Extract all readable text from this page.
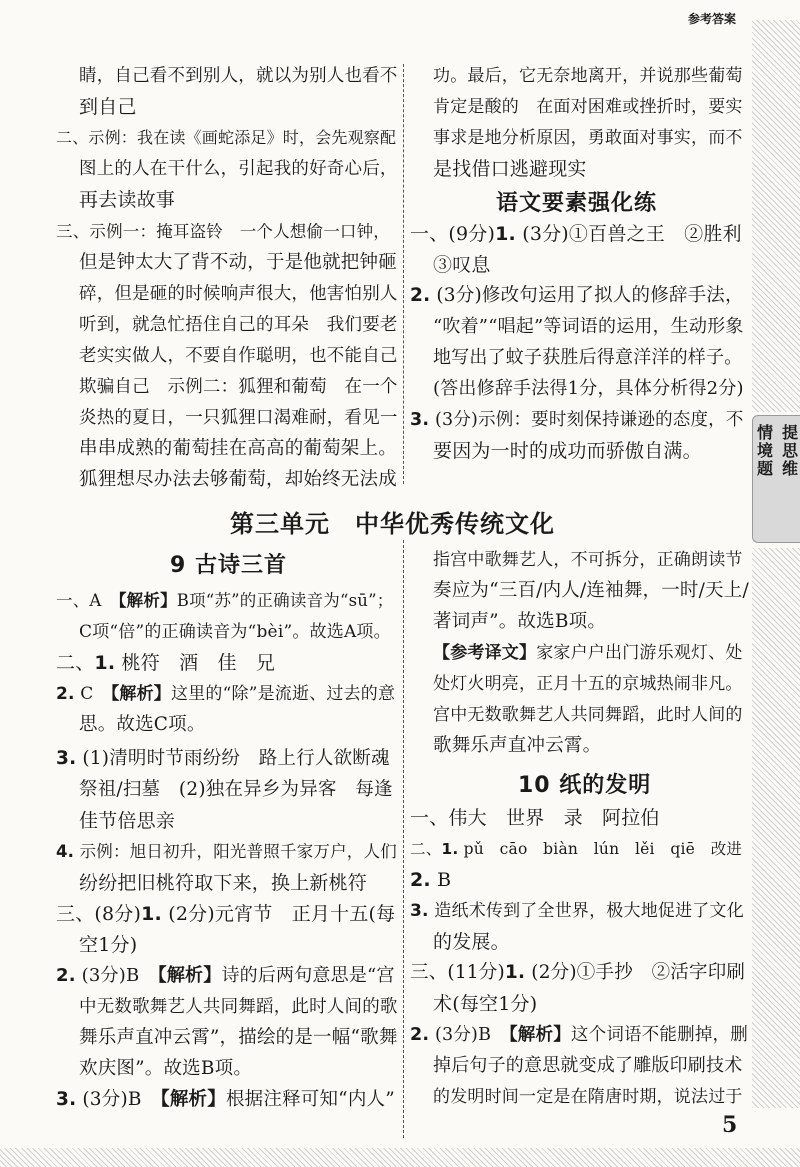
参考答案
情境题 提思维
睛，自己看不到别人，就以为别人也看不
到自己
二、示例：我在读《画蛇添足》时，会先观察配
图上的人在干什么，引起我的好奇心后，
再去读故事
三、示例一：掩耳盗铃　一个人想偷一口钟，
但是钟太大了背不动，于是他就把钟砸
碎，但是砸的时候响声很大，他害怕别人
听到，就急忙捂住自己的耳朵　我们要老
老实实做人，不要自作聪明，也不能自己
欺骗自己　示例二：狐狸和葡萄　在一个
炎热的夏日，一只狐狸口渴难耐，看见一
串串成熟的葡萄挂在高高的葡萄架上。
狐狸想尽办法去够葡萄，却始终无法成
功。最后，它无奈地离开，并说那些葡萄
肯定是酸的　在面对困难或挫折时，要实
事求是地分析原因，勇敢面对事实，而不
是找借口逃避现实
语文要素强化练
一、(9分)1. (3分)①百兽之王　②胜利
③叹息
2. (3分)修改句运用了拟人的修辞手法，
“吹着”“唱起”等词语的运用，生动形象
地写出了蚊子获胜后得意洋洋的样子。
(答出修辞手法得1分，具体分析得2分)
3. (3分)示例：要时刻保持谦逊的态度，不
要因为一时的成功而骄傲自满。
第三单元　中华优秀传统文化
9 古诗三首
一、A　【解析】B项“苏”的正确读音为“sū”；
C项“倍”的正确读音为“bèi”。故选A项。
二、1. 桃符　酒　佳　兄
2. C　【解析】这里的“除”是流逝、过去的意
思。故选C项。
3. (1)清明时节雨纷纷　路上行人欲断魂
祭祖/扫墓　(2)独在异乡为异客　每逢
佳节倍思亲
4. 示例：旭日初升，阳光普照千家万户，人们
纷纷把旧桃符取下来，换上新桃符
三、(8分)1. (2分)元宵节　正月十五(每
空1分)
2. (3分)B　【解析】诗的后两句意思是“宫
中无数歌舞艺人共同舞蹈，此时人间的歌
舞乐声直冲云霄”，描绘的是一幅“歌舞
欢庆图”。故选B项。
3. (3分)B　【解析】根据注释可知“内人”
指宫中歌舞艺人，不可拆分，正确朗读节
奏应为“三百/内人/连袖舞，一时/天上/
著词声”。故选B项。
【参考译文】家家户户出门游乐观灯、处
处灯火明亮，正月十五的京城热闹非凡。
宫中无数歌舞艺人共同舞蹈，此时人间的
歌舞乐声直冲云霄。
10 纸的发明
一、伟大　世界　录　阿拉伯
二、1. pǔ　cāo　biàn　lún　lěi　qiē　改进
2. B
3. 造纸术传到了全世界，极大地促进了文化
的发展。
三、(11分)1. (2分)①手抄　②活字印刷
术(每空1分)
2. (3分)B　【解析】这个词语不能删掉，删
掉后句子的意思就变成了雕版印刷技术
的发明时间一定是在隋唐时期，说法过于
5
